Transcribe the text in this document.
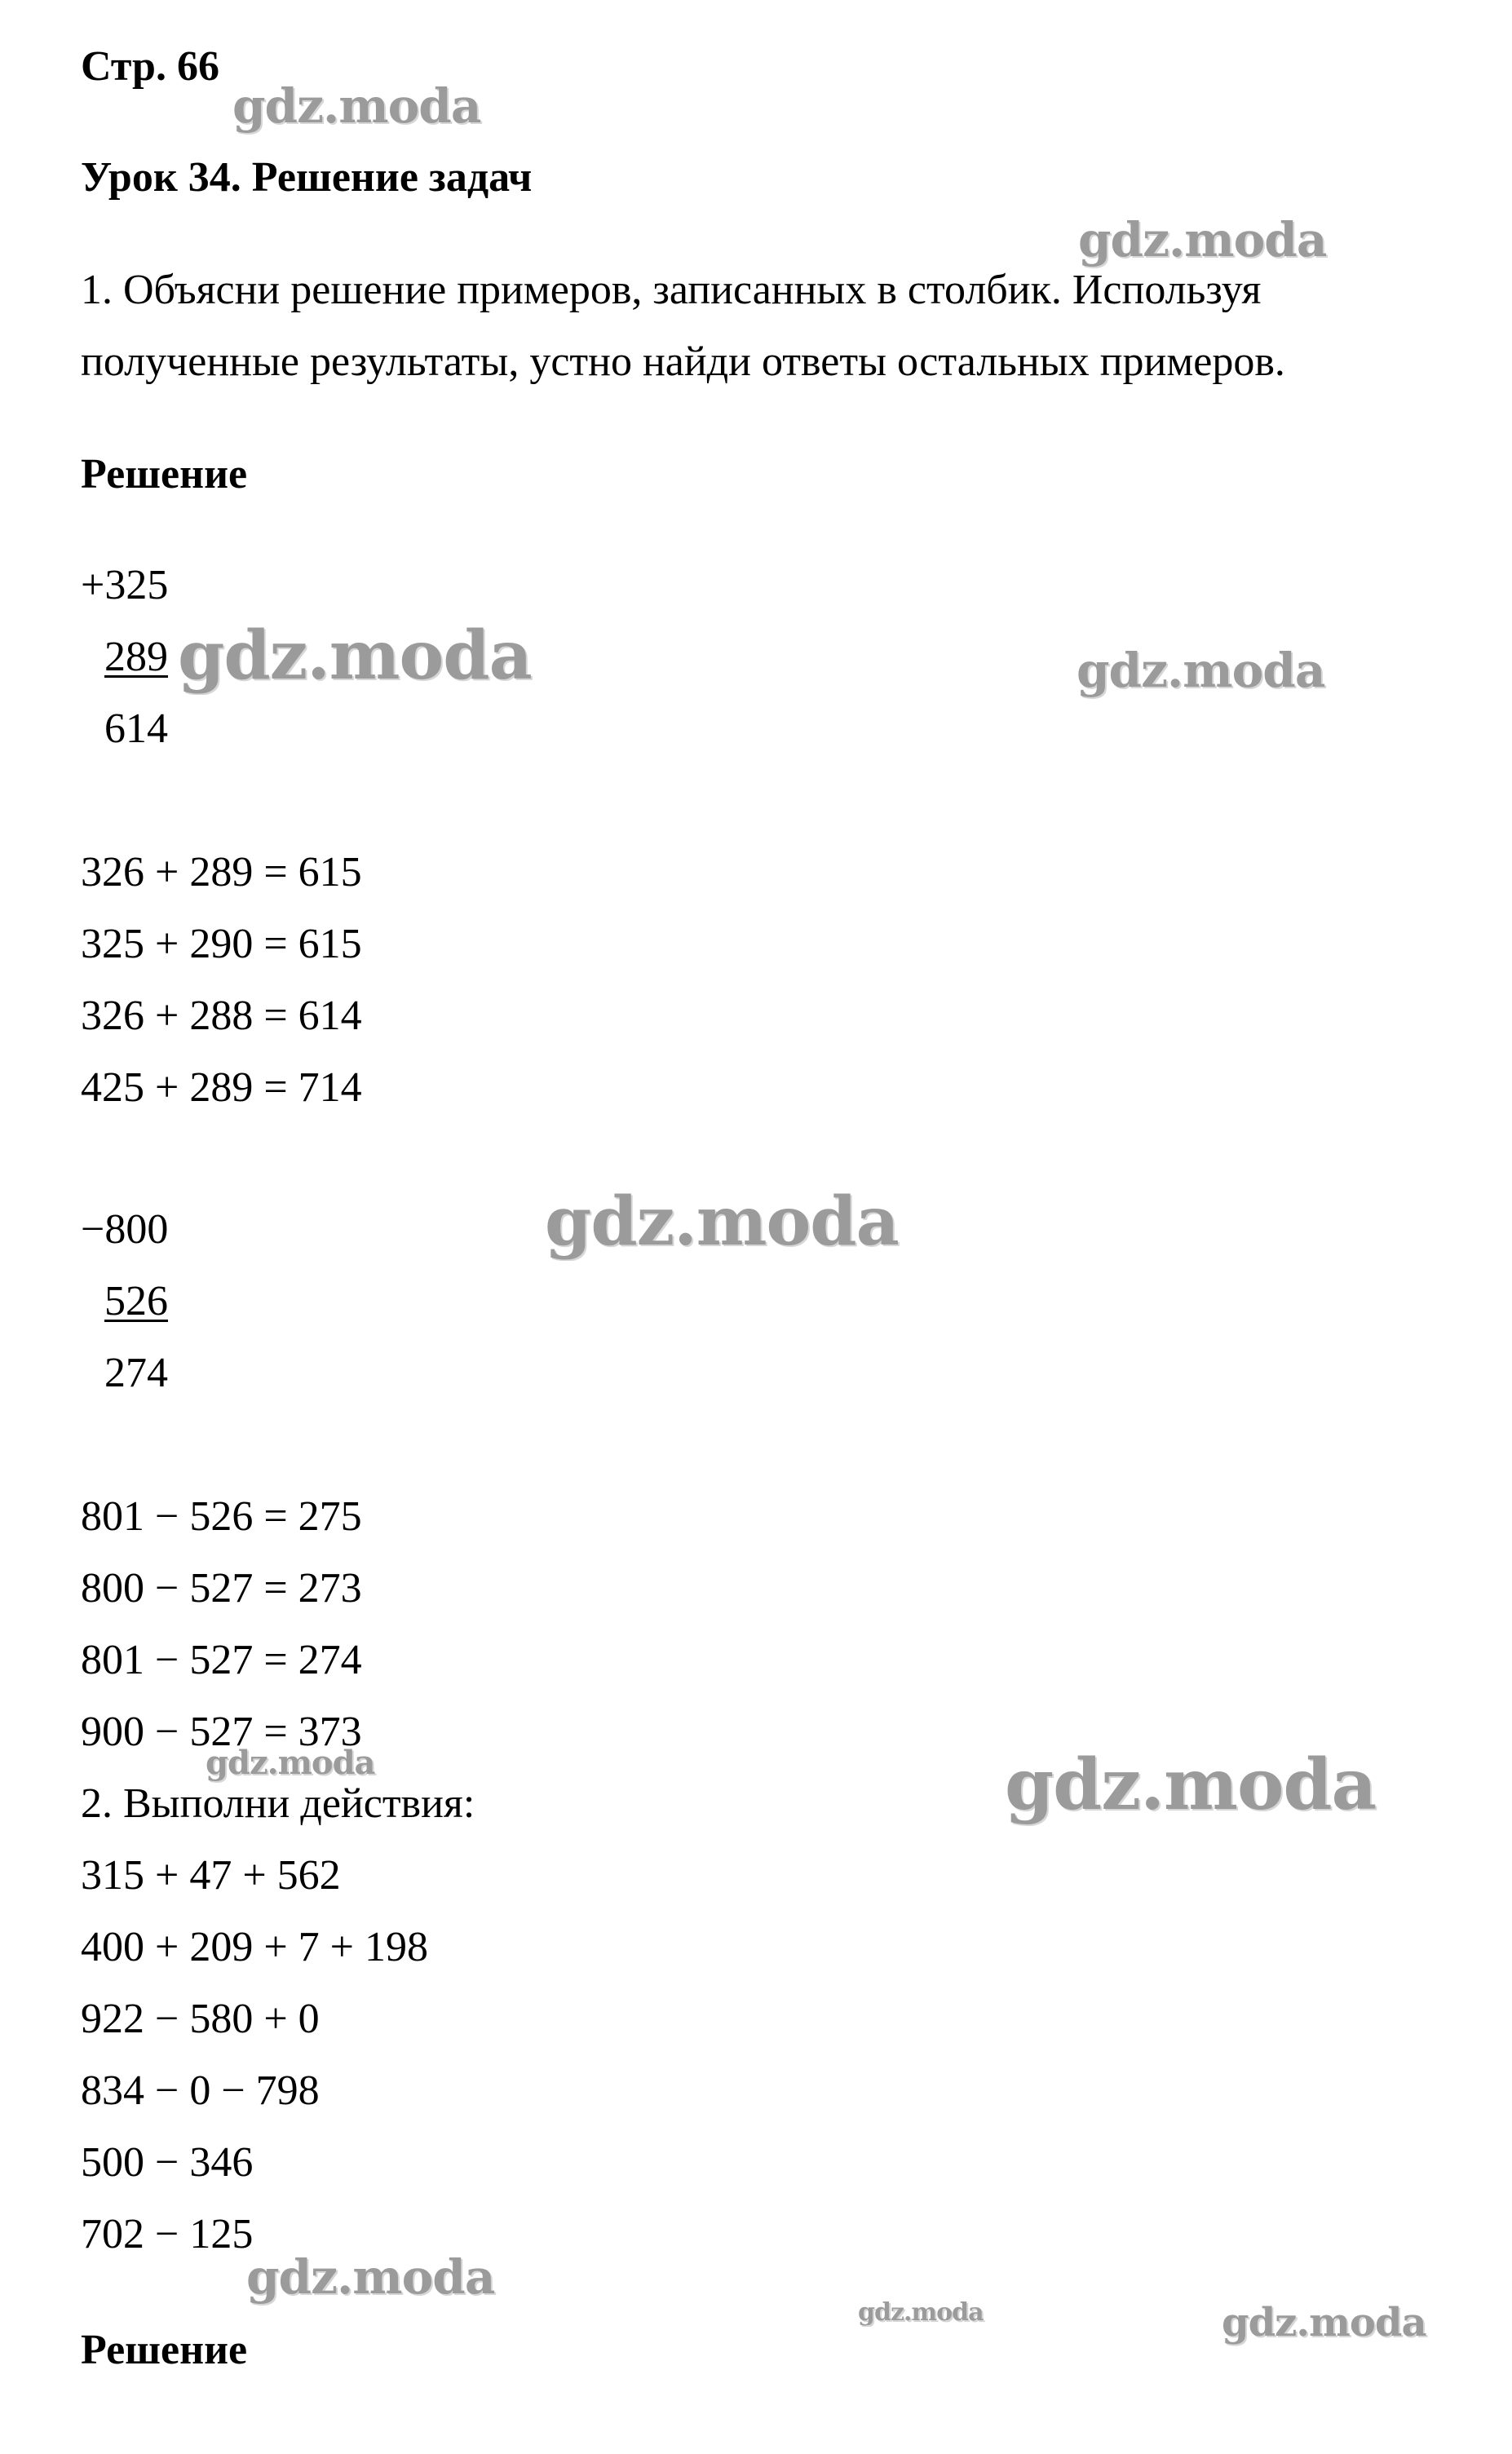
Стр. 66
Урок 34. Решение задач
1. Объясни решение примеров, записанных в столбик. Используя
полученные результаты, устно найди ответы остальных примеров.
Решение
+325
289
614
326 + 289 = 615
325 + 290 = 615
326 + 288 = 614
425 + 289 = 714
−800
526
274
801 − 526 = 275
800 − 527 = 273
801 − 527 = 274
900 − 527 = 373
2. Выполни действия:
315 + 47 + 562
400 + 209 + 7 + 198
922 − 580 + 0
834 − 0 − 798
500 − 346
702 − 125
Решение
gdz.moda
gdz.moda
gdz.moda	gdz.moda
gdz.moda
gdz.moda	gdz.moda
gdz.moda
gdz.moda	gdz.moda
